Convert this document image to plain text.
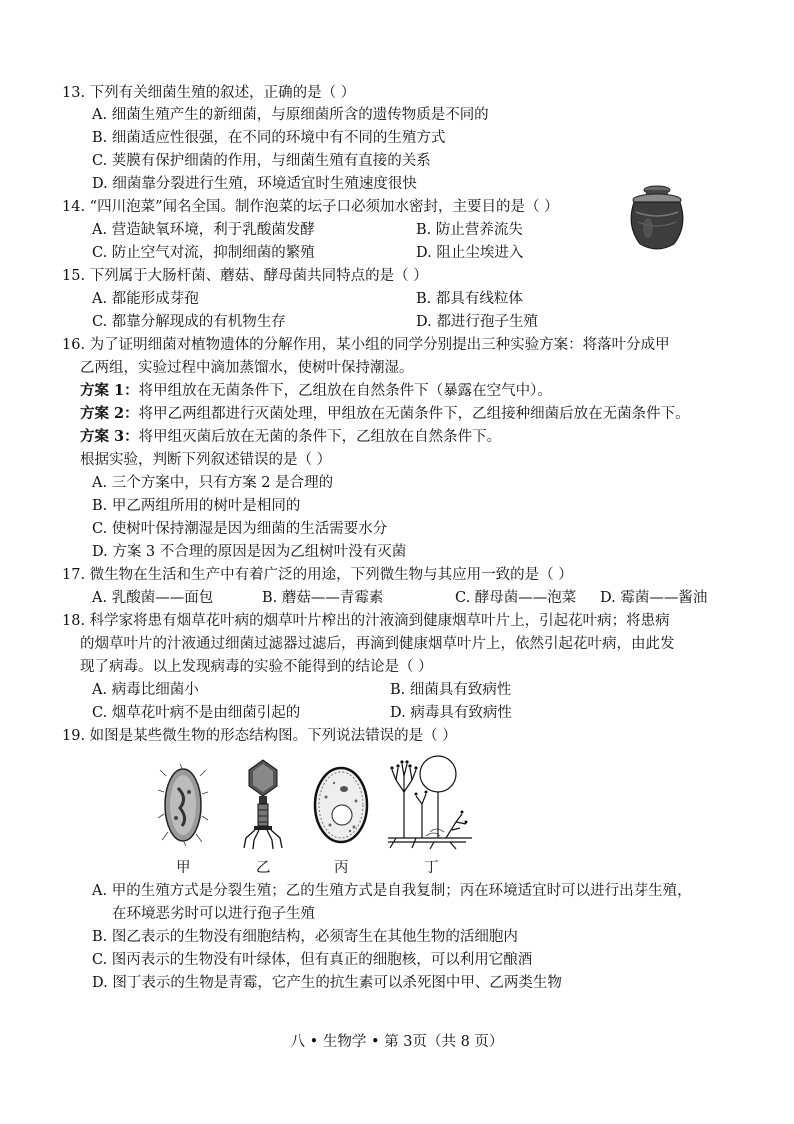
13. 下列有关细菌生殖的叙述，正确的是（ ）
A. 细菌生殖产生的新细菌，与原细菌所含的遗传物质是不同的
B. 细菌适应性很强，在不同的环境中有不同的生殖方式
C. 荚膜有保护细菌的作用，与细菌生殖有直接的关系
D. 细菌靠分裂进行生殖，环境适宜时生殖速度很快
14. “四川泡菜”闻名全国。制作泡菜的坛子口必须加水密封，主要目的是（ ）
A. 营造缺氧环境，利于乳酸菌发酵	B. 防止营养流失
C. 防止空气对流，抑制细菌的繁殖	D. 阻止尘埃进入
15. 下列属于大肠杆菌、蘑菇、酵母菌共同特点的是（ ）
A. 都能形成芽孢	B. 都具有线粒体
C. 都靠分解现成的有机物生存	D. 都进行孢子生殖
16. 为了证明细菌对植物遗体的分解作用，某小组的同学分别提出三种实验方案：将落叶分成甲
乙两组，实验过程中滴加蒸馏水，使树叶保持潮湿。
方案 1：将甲组放在无菌条件下，乙组放在自然条件下（暴露在空气中）。
方案 2：将甲乙两组都进行灭菌处理，甲组放在无菌条件下，乙组接种细菌后放在无菌条件下。
方案 3：将甲组灭菌后放在无菌的条件下，乙组放在自然条件下。
根据实验，判断下列叙述错误的是（ ）
A. 三个方案中，只有方案 2 是合理的
B. 甲乙两组所用的树叶是相同的
C. 使树叶保持潮湿是因为细菌的生活需要水分
D. 方案 3 不合理的原因是因为乙组树叶没有灭菌
17. 微生物在生活和生产中有着广泛的用途，下列微生物与其应用一致的是（ ）
A. 乳酸菌——面包	B. 蘑菇——青霉素	C. 酵母菌——泡菜 D. 霉菌——酱油
18. 科学家将患有烟草花叶病的烟草叶片榨出的汁液滴到健康烟草叶片上，引起花叶病；将患病
的烟草叶片的汁液通过细菌过滤器过滤后，再滴到健康烟草叶片上，依然引起花叶病，由此发
现了病毒。以上发现病毒的实验不能得到的结论是（ ）
A. 病毒比细菌小	B. 细菌具有致病性
C. 烟草花叶病不是由细菌引起的	D. 病毒具有致病性
19. 如图是某些微生物的形态结构图。下列说法错误的是（ ）
甲	乙	丙	丁
A. 甲的生殖方式是分裂生殖；乙的生殖方式是自我复制；丙在环境适宜时可以进行出芽生殖，
在环境恶劣时可以进行孢子生殖
B. 图乙表示的生物没有细胞结构，必须寄生在其他生物的活细胞内
C. 图丙表示的生物没有叶绿体，但有真正的细胞核，可以利用它酿酒
D. 图丁表示的生物是青霉，它产生的抗生素可以杀死图中甲、乙两类生物
八 • 生物学 • 第 3页（共 8 页）
